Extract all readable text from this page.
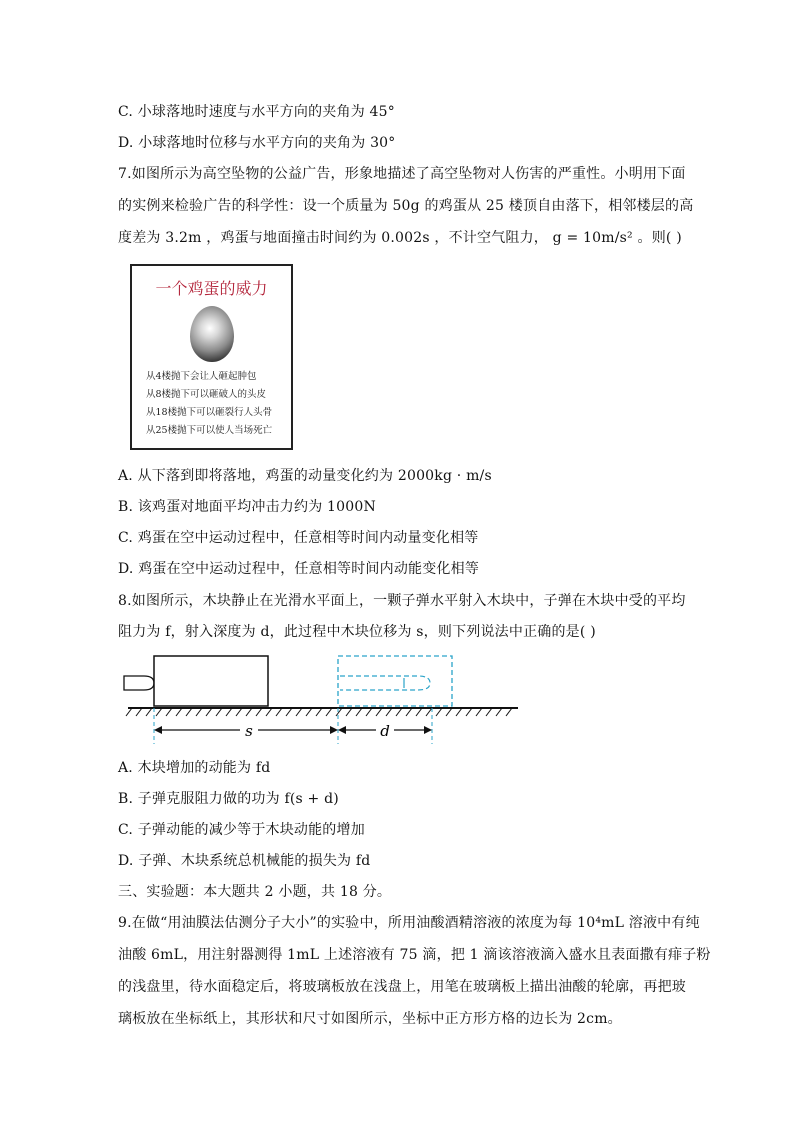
C. 小球落地时速度与水平方向的夹角为 45°
D. 小球落地时位移与水平方向的夹角为 30°
7.如图所示为高空坠物的公益广告，形象地描述了高空坠物对人伤害的严重性。小明用下面
的实例来检验广告的科学性：设一个质量为 50g 的鸡蛋从 25 楼顶自由落下，相邻楼层的高
度差为 3.2m ，鸡蛋与地面撞击时间约为 0.002s ，不计空气阻力， g = 10m/s² 。则( )
一个鸡蛋的威力
从4楼抛下会让人砸起肿包
从8楼抛下可以砸破人的头皮
从18楼抛下可以砸裂行人头骨
从25楼抛下可以使人当场死亡
A. 从下落到即将落地，鸡蛋的动量变化约为 2000kg · m/s
B. 该鸡蛋对地面平均冲击力约为 1000N
C. 鸡蛋在空中运动过程中，任意相等时间内动量变化相等
D. 鸡蛋在空中运动过程中，任意相等时间内动能变化相等
8.如图所示，木块静止在光滑水平面上，一颗子弹水平射入木块中，子弹在木块中受的平均
阻力为 f，射入深度为 d，此过程中木块位移为 s，则下列说法中正确的是( )
s	d
A. 木块增加的动能为 fd
B. 子弹克服阻力做的功为 f(s + d)
C. 子弹动能的减少等于木块动能的增加
D. 子弹、木块系统总机械能的损失为 fd
三、实验题：本大题共 2 小题，共 18 分。
9.在做“用油膜法估测分子大小”的实验中，所用油酸酒精溶液的浓度为每 10⁴mL 溶液中有纯
油酸 6mL，用注射器测得 1mL 上述溶液有 75 滴，把 1 滴该溶液滴入盛水且表面撒有痱子粉
的浅盘里，待水面稳定后，将玻璃板放在浅盘上，用笔在玻璃板上描出油酸的轮廓，再把玻
璃板放在坐标纸上，其形状和尺寸如图所示，坐标中正方形方格的边长为 2cm。
